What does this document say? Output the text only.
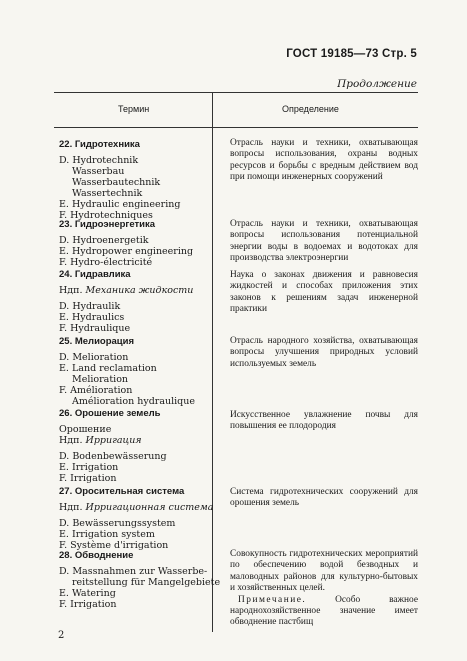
ГОСТ 19185—73 Стр. 5
Продолжение
Термин	Определение
22. Гидротехника
D. Hydrotechnik
Wasserbau
Wasserbautechnik
Wassertechnik
E. Hydraulic engineering
F. Hydrotechniques
Отрасль науки и техники, охватывающая вопросы использования, охраны водных ресурсов и борьбы с вредным действием вод при помощи инженерных сооружений
23. Гидроэнергетика
D. Hydroenergetik
E. Hydropower engineering
F. Hydro-électricité
Отрасль науки и техники, охватывающая вопросы использования потенциальной энергии воды в водоемах и водотоках для производства электроэнергии
24. Гидравлика
Ндп. Механика жидкости
D. Hydraulik
E. Hydraulics
F. Hydraulique
Наука о законах движения и равновесия жидкостей и способах приложения этих законов к решениям задач инженерной практики
25. Мелиорация
D. Melioration
E. Land reclamation
Melioration
F. Amélioration
Amélioration hydraulique
Отрасль народного хозяйства, охватывающая вопросы улучшения природных условий используемых земель
26. Орошение земель
Орошение
Ндп. Ирригация
D. Bodenbewässerung
E. Irrigation
F. Irrigation
Искусственное увлажнение почвы для повышения ее плодородия
27. Оросительная система
Ндп. Ирригационная система
D. Bewässerungssystem
E. Irrigation system
F. Système d'irrigation
Система гидротехнических сооружений для орошения земель
28. Обводнение
D. Massnahmen zur Wasserbe-
reitstellung für Mangelgebiete
E. Watering
F. Irrigation
Совокупность гидротехнических мероприятий по обеспечению водой безводных и маловодных районов для культурно-бытовых и хозяйственных целей.
Примечание.	Особо важное народнохозяйственное значение имеет обводнение пастбищ
2
